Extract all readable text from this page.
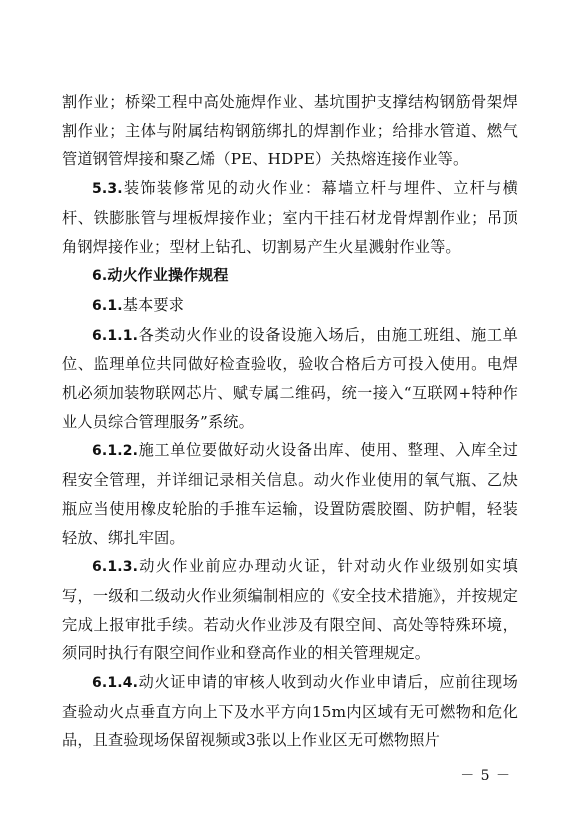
割作业；桥梁工程中高处施焊作业、基坑围护支撑结构钢筋骨架焊割作业；主体与附属结构钢筋绑扎的焊割作业；给排水管道、燃气管道钢管焊接和聚乙烯（PE、HDPE）关热熔连接作业等。

5.3.装饰装修常见的动火作业：幕墙立杆与埋件、立杆与横杆、铁膨胀管与埋板焊接作业；室内干挂石材龙骨焊割作业；吊顶角钢焊接作业；型材上钻孔、切割易产生火星溅射作业等。

6.动火作业操作规程

6.1.基本要求

6.1.1.各类动火作业的设备设施入场后，由施工班组、施工单位、监理单位共同做好检查验收，验收合格后方可投入使用。电焊机必须加装物联网芯片、赋专属二维码，统一接入“互联网+特种作业人员综合管理服务”系统。

6.1.2.施工单位要做好动火设备出库、使用、整理、入库全过程安全管理，并详细记录相关信息。动火作业使用的氧气瓶、乙炔瓶应当使用橡皮轮胎的手推车运输，设置防震胶圈、防护帽，轻装轻放、绑扎牢固。

6.1.3.动火作业前应办理动火证，针对动火作业级别如实填写，一级和二级动火作业须编制相应的《安全技术措施》，并按规定完成上报审批手续。若动火作业涉及有限空间、高处等特殊环境，须同时执行有限空间作业和登高作业的相关管理规定。

6.1.4.动火证申请的审核人收到动火作业申请后，应前往现场查验动火点垂直方向上下及水平方向15m内区域有无可燃物和危化品，且查验现场保留视频或3张以上作业区无可燃物照片

－ 5 －
